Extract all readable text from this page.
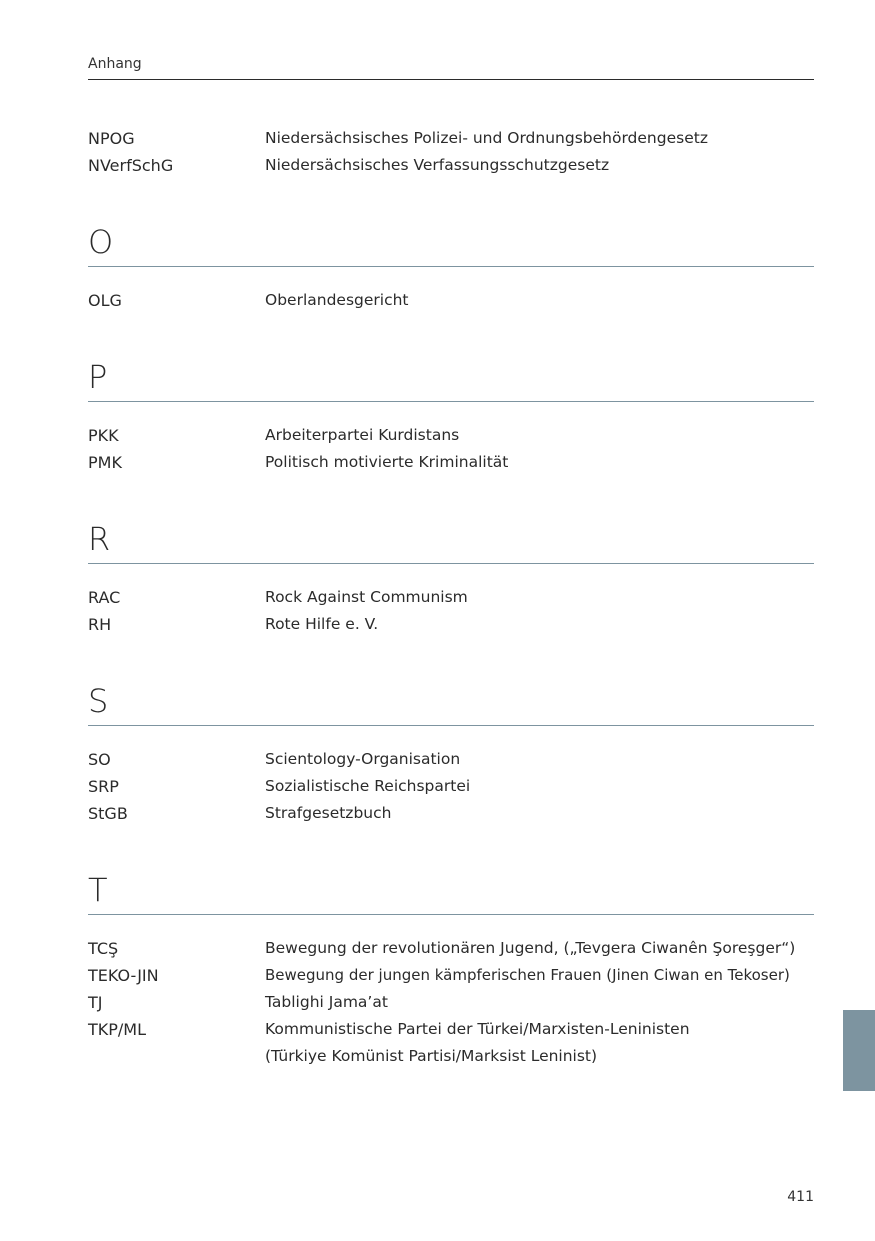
Anhang
NPOG	Niedersächsisches Polizei- und Ordnungsbehördengesetz
NVerfSchG	Niedersächsisches Verfassungsschutzgesetz
O
OLG	Oberlandesgericht
P
PKK	Arbeiterpartei Kurdistans
PMK	Politisch motivierte Kriminalität
R
RAC	Rock Against Communism
RH	Rote Hilfe e. V.
S
SO	Scientology-Organisation
SRP	Sozialistische Reichspartei
StGB	Strafgesetzbuch
T
TCŞ	Bewegung der revolutionären Jugend, („Tevgera Ciwanên Şoreşger“)
TEKO-JIN	Bewegung der jungen kämpferischen Frauen (Jinen Ciwan en Tekoser)
TJ	Tablighi Jama’at
TKP/ML	Kommunistische Partei der Türkei/Marxisten-Leninisten
(Türkiye Komünist Partisi/Marksist Leninist)
411
